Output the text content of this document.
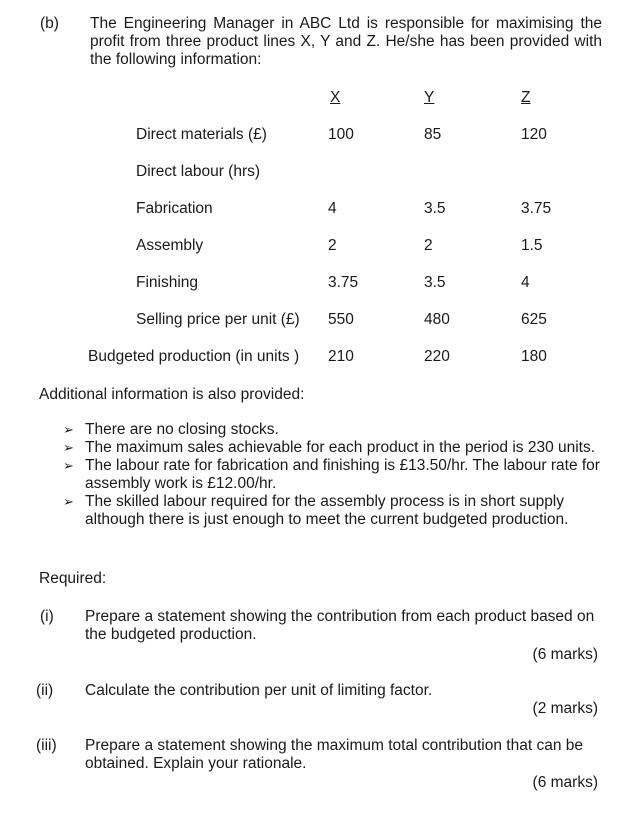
(b) The Engineering Manager in ABC Ltd is responsible for maximising the profit from three product lines X, Y and Z. He/she has been provided with the following information:
X	Y	Z
Direct materials (£)	100	85	120
Direct labour (hrs)
Fabrication	4	3.5	3.75
Assembly	2	2	1.5
Finishing	3.75	3.5	4
Selling price per unit (£) 550	480	625
Budgeted production (in units ) 210	220	180
Additional information is also provided:
➢ There are no closing stocks.
➢ The maximum sales achievable for each product in the period is 230 units.
➢ The labour rate for fabrication and finishing is £13.50/hr. The labour rate for assembly work is £12.00/hr.
➢ The skilled labour required for the assembly process is in short supply although there is just enough to meet the current budgeted production.
Required:
(i) Prepare a statement showing the contribution from each product based on the budgeted production.
(6 marks)
(ii) Calculate the contribution per unit of limiting factor.
(2 marks)
(iii) Prepare a statement showing the maximum total contribution that can be obtained. Explain your rationale.
(6 marks)
